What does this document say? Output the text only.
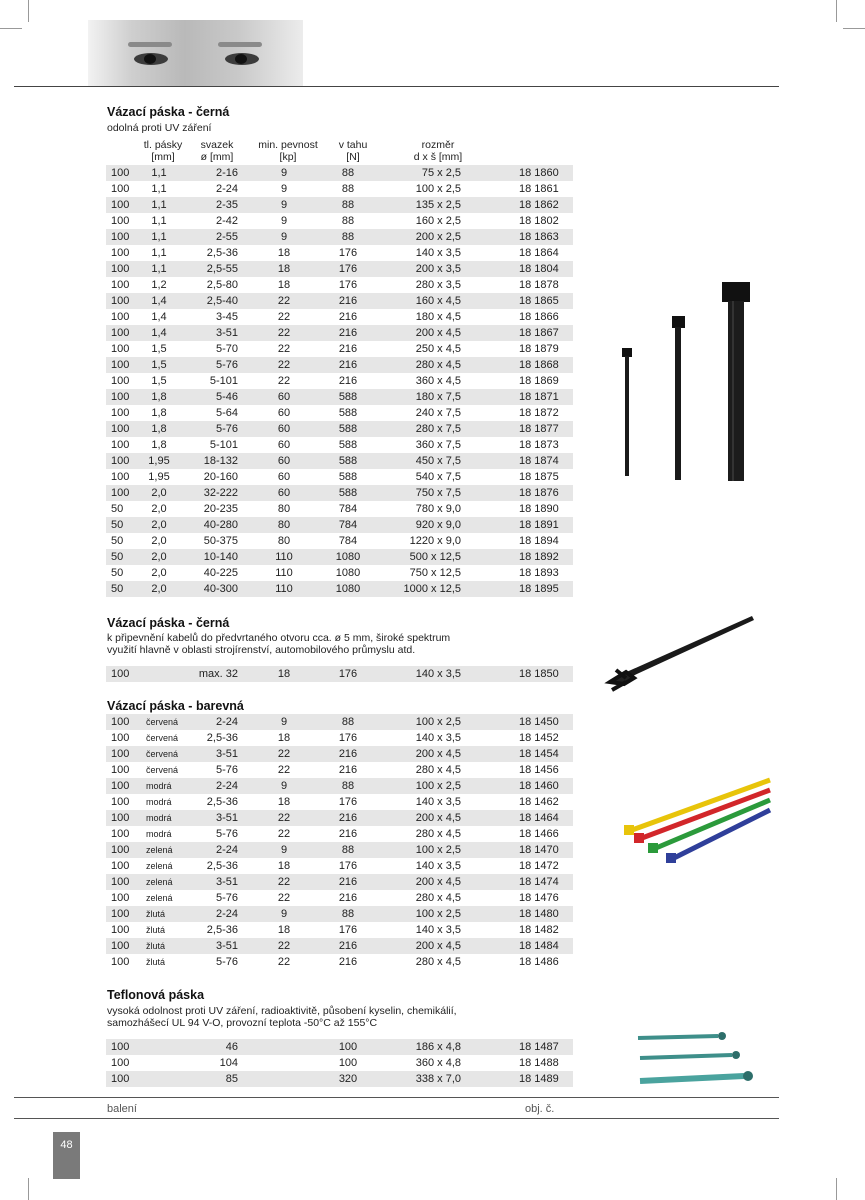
Vázací páska - černá
odolná proti UV záření
tl. pásky
[mm]
svazek
ø [mm]
min. pevnost
[kp]
v tahu
[N]
rozměr
d x š [mm]
100	1,1	2-16	9	88	75 x 2,5	18 1860
100	1,1	2-24	9	88	100 x 2,5	18 1861
100	1,1	2-35	9	88	135 x 2,5	18 1862
100	1,1	2-42	9	88	160 x 2,5	18 1802
100	1,1	2-55	9	88	200 x 2,5	18 1863
100	1,1	2,5-36	18	176	140 x 3,5	18 1864
100	1,1	2,5-55	18	176	200 x 3,5	18 1804
100	1,2	2,5-80	18	176	280 x 3,5	18 1878
100	1,4	2,5-40	22	216	160 x 4,5	18 1865
100	1,4	3-45	22	216	180 x 4,5	18 1866
100	1,4	3-51	22	216	200 x 4,5	18 1867
100	1,5	5-70	22	216	250 x 4,5	18 1879
100	1,5	5-76	22	216	280 x 4,5	18 1868
100	1,5	5-101	22	216	360 x 4,5	18 1869
100	1,8	5-46	60	588	180 x 7,5	18 1871
100	1,8	5-64	60	588	240 x 7,5	18 1872
100	1,8	5-76	60	588	280 x 7,5	18 1877
100	1,8	5-101	60	588	360 x 7,5	18 1873
100	1,95	18-132	60	588	450 x 7,5	18 1874
100	1,95	20-160	60	588	540 x 7,5	18 1875
100	2,0	32-222	60	588	750 x 7,5	18 1876
50	2,0	20-235	80	784	780 x 9,0	18 1890
50	2,0	40-280	80	784	920 x 9,0	18 1891
50	2,0	50-375	80	784	1220 x 9,0	18 1894
50	2,0	10-140	110	1080	500 x 12,5	18 1892
50	2,0	40-225	110	1080	750 x 12,5	18 1893
50	2,0	40-300	110	1080	1000 x 12,5	18 1895
Vázací páska - černá
k připevnění kabelů do předvrtaného otvoru cca. ø 5 mm, široké spektrum
využití hlavně v oblasti strojírenství, automobilového průmyslu atd.
100	max. 32	18	176	140 x 3,5	18 1850
Vázací páska - barevná
100 červená	2-24	9	88	100 x 2,5	18 1450
100 červená	2,5-36	18	176	140 x 3,5	18 1452
100 červená	3-51	22	216	200 x 4,5	18 1454
100 červená	5-76	22	216	280 x 4,5	18 1456
100 modrá	2-24	9	88	100 x 2,5	18 1460
100 modrá	2,5-36	18	176	140 x 3,5	18 1462
100 modrá	3-51	22	216	200 x 4,5	18 1464
100 modrá	5-76	22	216	280 x 4,5	18 1466
100 zelená	2-24	9	88	100 x 2,5	18 1470
100 zelená	2,5-36	18	176	140 x 3,5	18 1472
100 zelená	3-51	22	216	200 x 4,5	18 1474
100 zelená	5-76	22	216	280 x 4,5	18 1476
100 žlutá	2-24	9	88	100 x 2,5	18 1480
100 žlutá	2,5-36	18	176	140 x 3,5	18 1482
100 žlutá	3-51	22	216	200 x 4,5	18 1484
100 žlutá	5-76	22	216	280 x 4,5	18 1486
Teflonová páska
vysoká odolnost proti UV záření, radioaktivitě, působení kyselin, chemikálií,
samozhášecí UL 94 V-O, provozní teplota -50°C až 155°C
100	46	100	186 x 4,8	18 1487
100	104	100	360 x 4,8	18 1488
100	85	320	338 x 7,0	18 1489
balení	obj. č.
48
